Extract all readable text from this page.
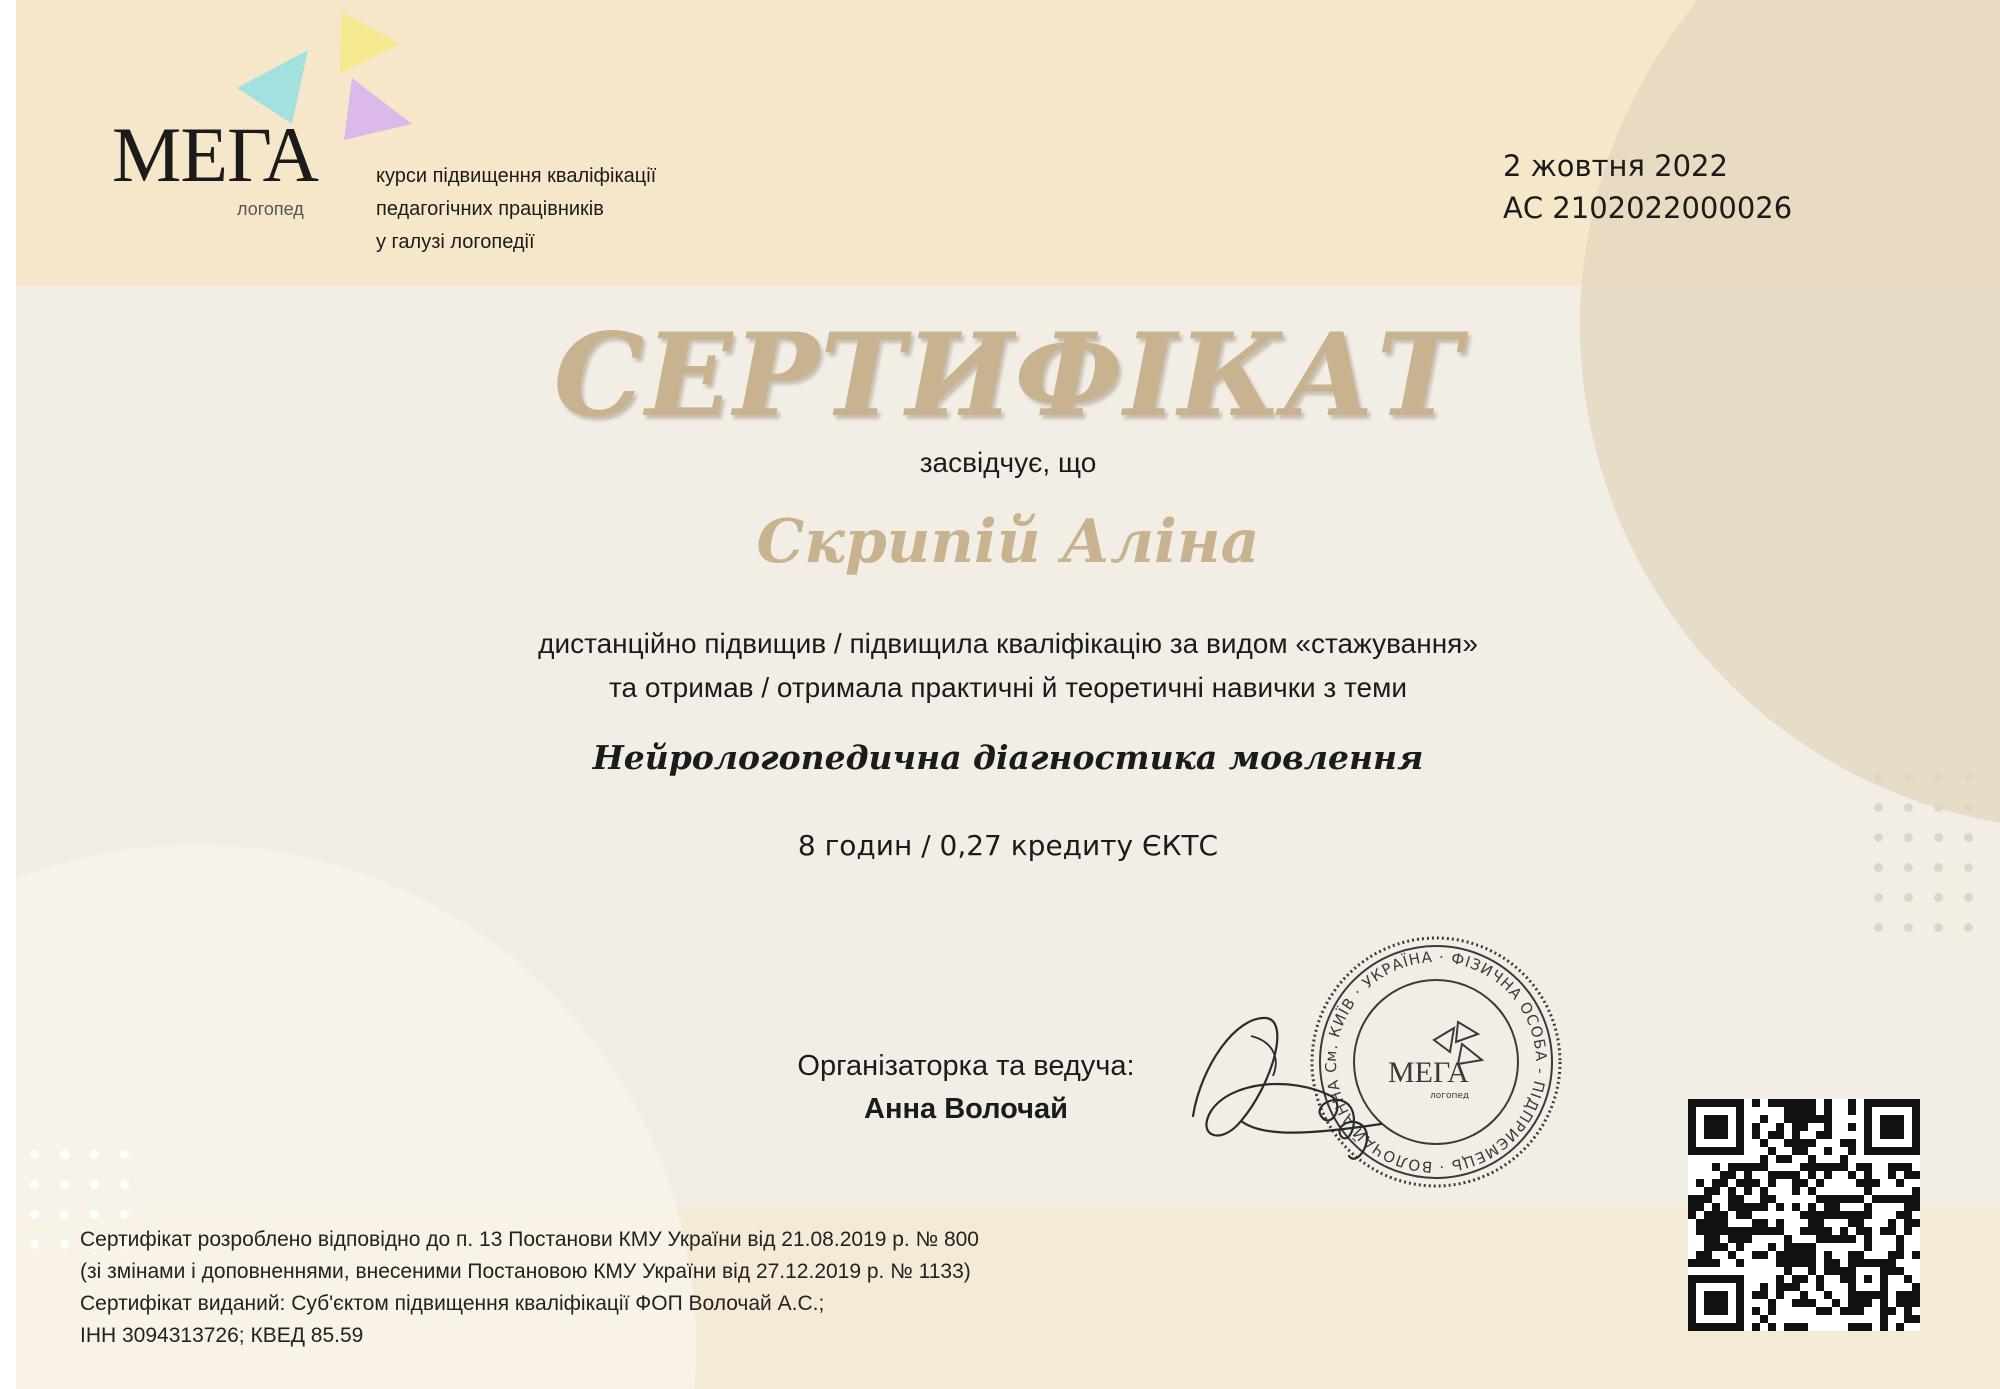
МЕГА
логопед
курси підвищення кваліфікації
педагогічних працівників
у галузі логопедії
2 жовтня 2022
АС 2102022000026
СЕРТИФІКАТ
засвідчує, що
Скрипій Аліна
дистанційно підвищив / підвищила кваліфікацію за видом «стажування»
та отримав / отримала практичні й теоретичні навички з теми
Нейрологопедична діагностика мовлення
8 годин / 0,27 кредиту ЄКТС
Організаторка та ведуча:
Анна Волочай
м. КИЇВ · УКРАЇНА · ФІЗИЧНА ОСОБА - ПІДПРИЄМЕЦЬ · ВОЛОЧАЙ АННА С	МЕГА
логопед
Сертифікат розроблено відповідно до п. 13 Постанови КМУ України від 21.08.2019 р. № 800
(зі змінами і доповненнями, внесеними Постановою КМУ України від 27.12.2019 р. № 1133)
Сертифікат виданий: Суб'єктом підвищення кваліфікації ФОП Волочай А.С.;
ІНН 3094313726; КВЕД 85.59
